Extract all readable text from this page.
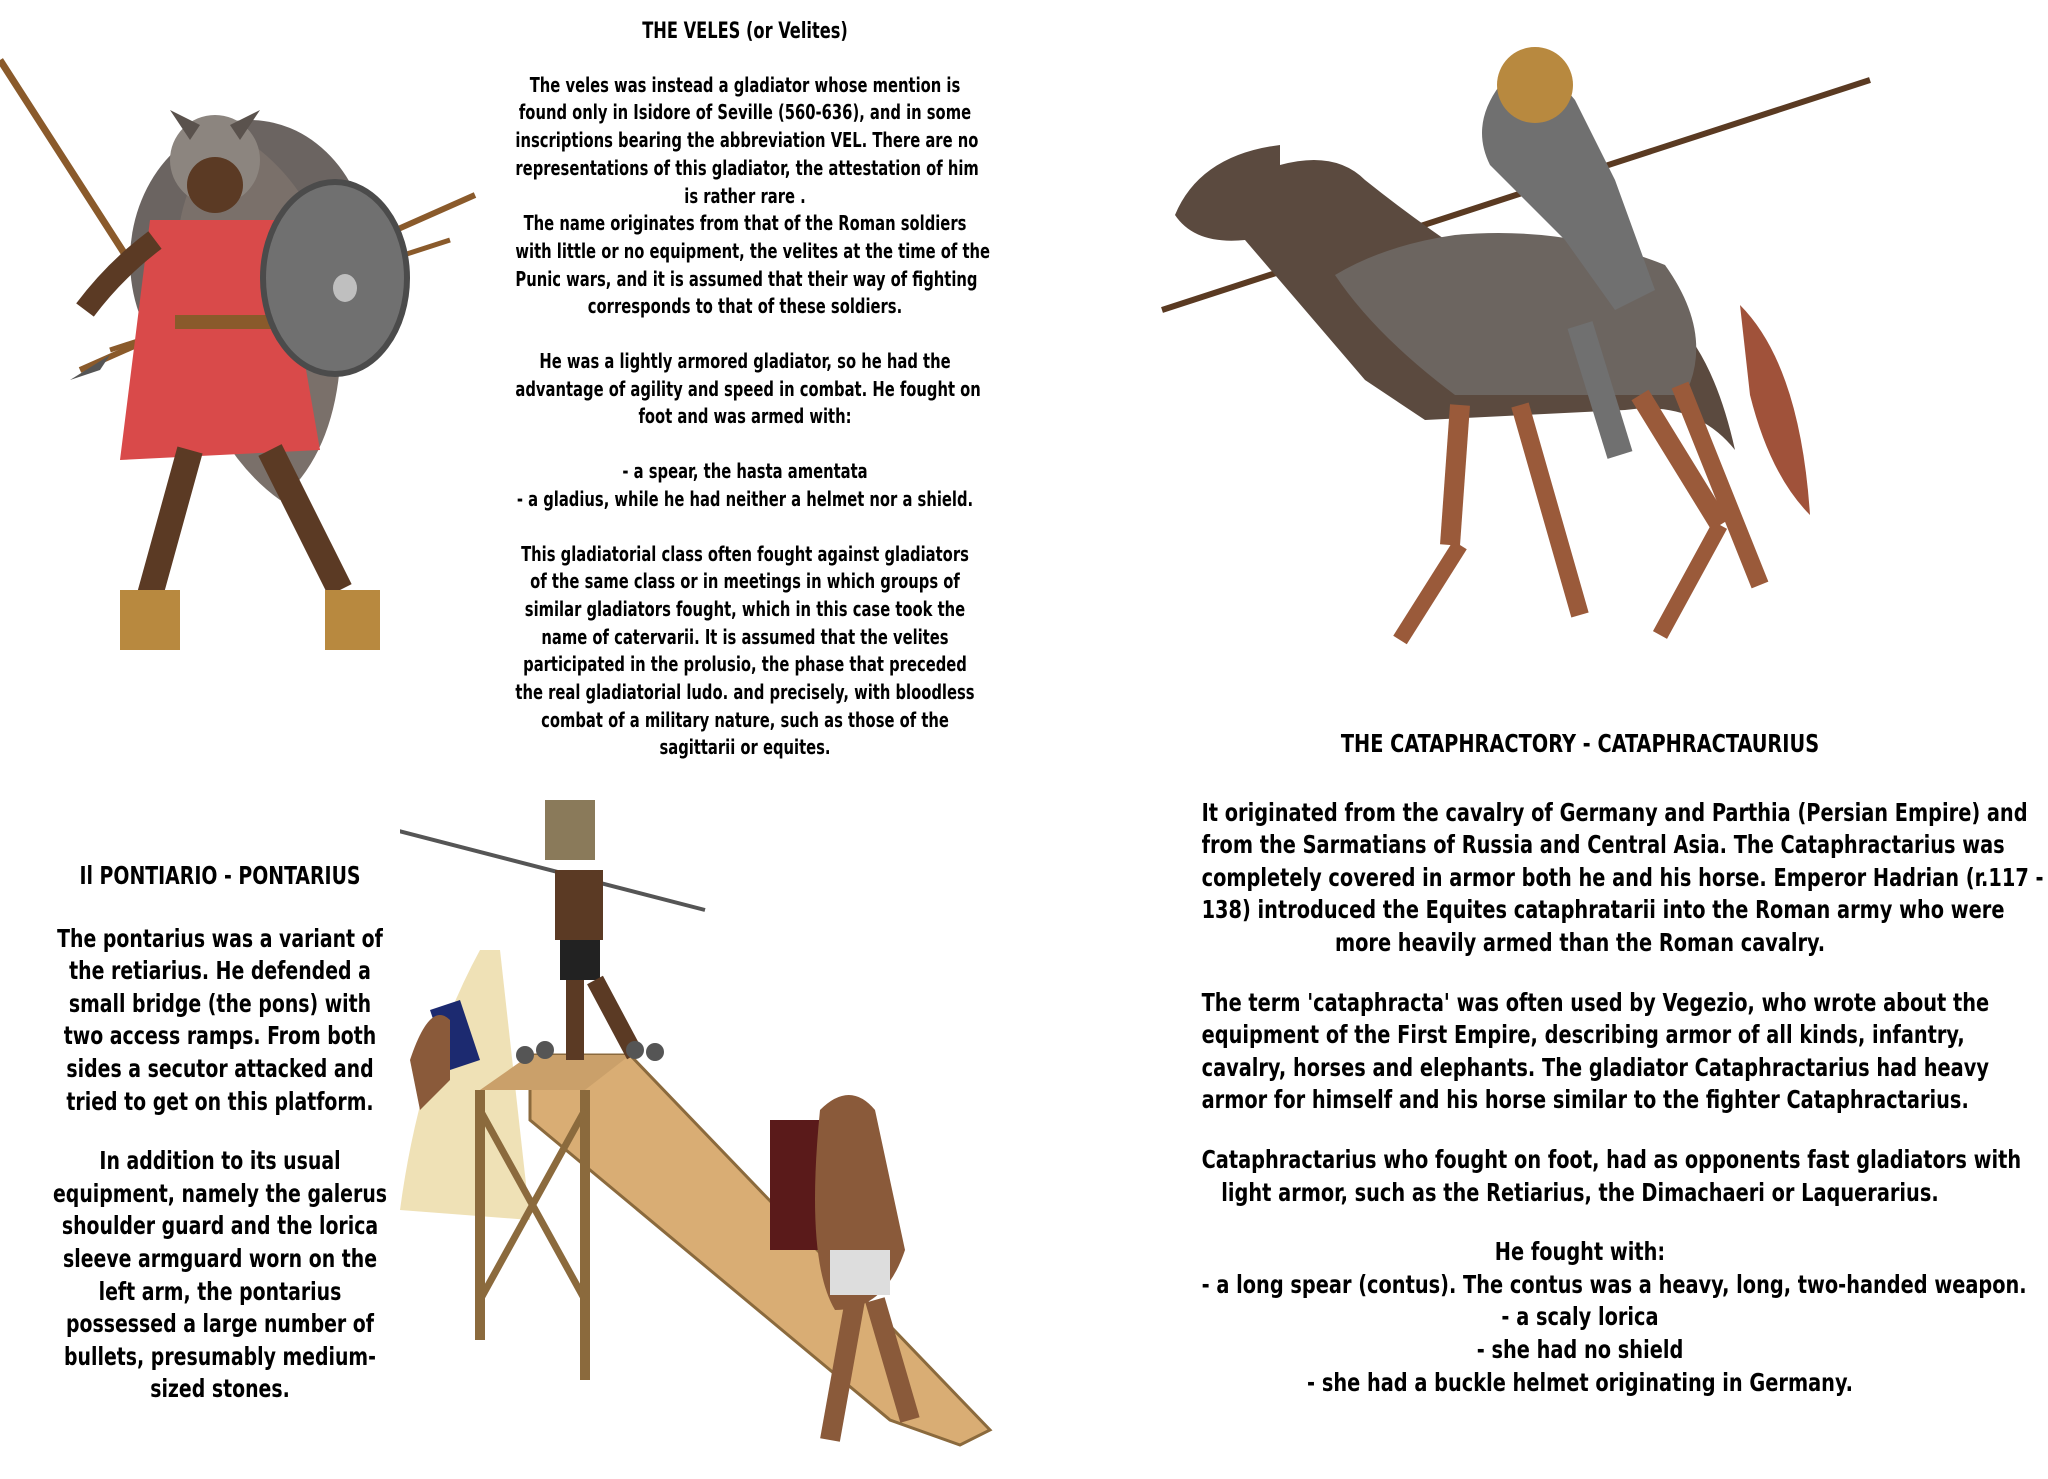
THE VELES (or Velites)
The veles was instead a gladiator whose mention is
found only in Isidore of Seville (560-636), and in some
inscriptions bearing the abbreviation VEL. There are no
representations of this gladiator, the attestation of him
is rather rare .
The name originates from that of the Roman soldiers
with little or no equipment, the velites at the time of the
Punic wars, and it is assumed that their way of fighting
corresponds to that of these soldiers.
He was a lightly armored gladiator, so he had the
advantage of agility and speed in combat. He fought on
foot and was armed with:
- a spear, the hasta amentata
- a gladius, while he had neither a helmet nor a shield.
This gladiatorial class often fought against gladiators
of the same class or in meetings in which groups of
similar gladiators fought, which in this case took the
name of catervarii. It is assumed that the velites
participated in the prolusio, the phase that preceded
the real gladiatorial ludo. and precisely, with bloodless
combat of a military nature, such as those of the
sagittarii or equites.
Il PONTIARIO - PONTARIUS
The pontarius was a variant of
the retiarius. He defended a
small bridge (the pons) with
two access ramps. From both
sides a secutor attacked and
tried to get on this platform.
In addition to its usual
equipment, namely the galerus
shoulder guard and the lorica
sleeve armguard worn on the
left arm, the pontarius
possessed a large number of
bullets, presumably medium-
sized stones.
THE CATAPHRACTORY - CATAPHRACTAURIUS
It originated from the cavalry of Germany and Parthia (Persian Empire) and
from the Sarmatians of Russia and Central Asia. The Cataphractarius was
completely covered in armor both he and his horse. Emperor Hadrian (r.117 -
138) introduced the Equites cataphratarii into the Roman army who were
more heavily armed than the Roman cavalry.
The term 'cataphracta' was often used by Vegezio, who wrote about the
equipment of the First Empire, describing armor of all kinds, infantry,
cavalry, horses and elephants. The gladiator Cataphractarius had heavy
armor for himself and his horse similar to the fighter Cataphractarius.
Cataphractarius who fought on foot, had as opponents fast gladiators with
light armor, such as the Retiarius, the Dimachaeri or Laquerarius.
He fought with:
- a long spear (contus). The contus was a heavy, long, two-handed weapon.
- a scaly lorica
- she had no shield
- she had a buckle helmet originating in Germany.
